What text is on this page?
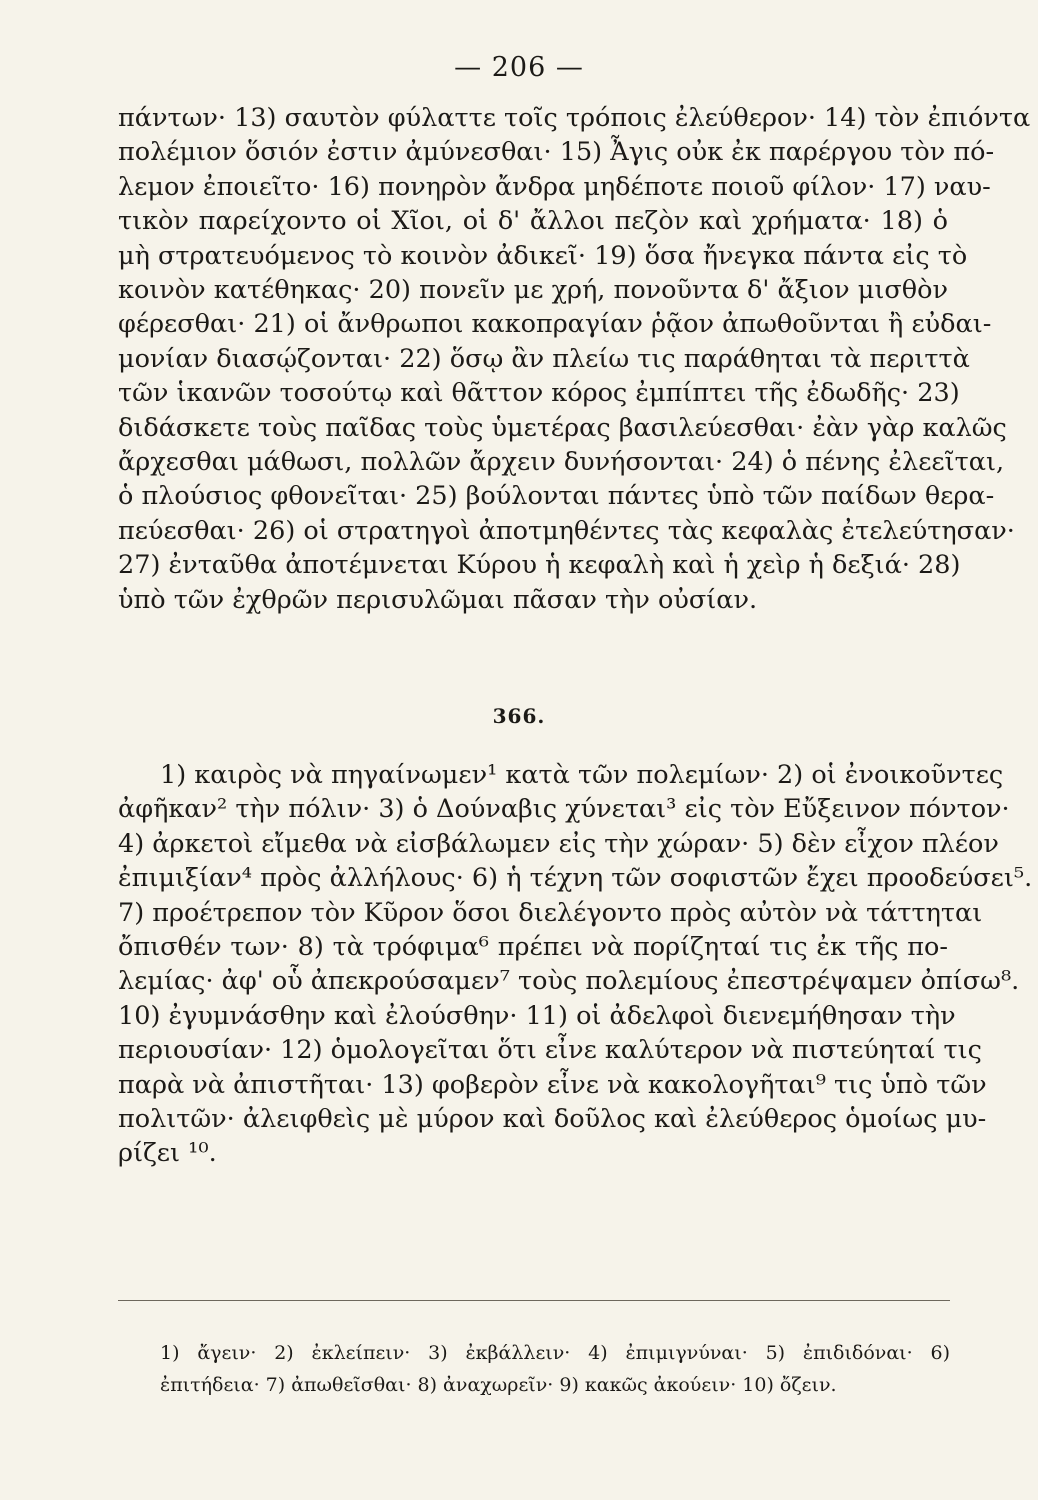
— 206 —
πάντων· 13) σαυτὸν φύλαττε τοῖς τρόποις ἐλεύθερον· 14) τὸν ἐπιόντα
πολέμιον ὅσιόν ἐστιν ἀμύνεσθαι· 15) Ἆγις οὐκ ἐκ παρέργου τὸν πό-
λεμον ἐποιεῖτο· 16) πονηρὸν ἄνδρα μηδέποτε ποιοῦ φίλον· 17) ναυ-
τικὸν παρείχοντο οἱ Χῖοι, οἱ δ' ἄλλοι πεζὸν καὶ χρήματα· 18) ὁ
μὴ στρατευόμενος τὸ κοινὸν ἀδικεῖ· 19) ὅσα ἤνεγκα πάντα εἰς τὸ
κοινὸν κατέθηκας· 20) πονεῖν με χρή, πονοῦντα δ' ἄξιον μισθὸν
φέρεσθαι· 21) οἱ ἄνθρωποι κακοπραγίαν ῥᾷον ἀπωθοῦνται ἢ εὐδαι-
μονίαν διασῴζονται· 22) ὅσῳ ἂν πλείω τις παράθηται τὰ περιττὰ
τῶν ἱκανῶν τοσούτῳ καὶ θᾶττον κόρος ἐμπίπτει τῆς ἐδωδῆς· 23)
διδάσκετε τοὺς παῖδας τοὺς ὑμετέρας βασιλεύεσθαι· ἐὰν γὰρ καλῶς
ἄρχεσθαι μάθωσι, πολλῶν ἄρχειν δυνήσονται· 24) ὁ πένης ἐλεεῖται,
ὁ πλούσιος φθονεῖται· 25) βούλονται πάντες ὑπὸ τῶν παίδων θερα-
πεύεσθαι· 26) οἱ στρατηγοὶ ἀποτμηθέντες τὰς κεφαλὰς ἐτελεύτησαν·
27) ἐνταῦθα ἀποτέμνεται Κύρου ἡ κεφαλὴ καὶ ἡ χεὶρ ἡ δεξιά· 28)
ὑπὸ τῶν ἐχθρῶν περισυλῶμαι πᾶσαν τὴν οὐσίαν.
366.
1) καιρὸς νὰ πηγαίνωμεν¹ κατὰ τῶν πολεμίων· 2) οἱ ἐνοικοῦντες
ἀφῆκαν² τὴν πόλιν· 3) ὁ Δούναβις χύνεται³ εἰς τὸν Εὔξεινον πόντον·
4) ἀρκετοὶ εἴμεθα νὰ εἰσβάλωμεν εἰς τὴν χώραν· 5) δὲν εἶχον πλέον
ἐπιμιξίαν⁴ πρὸς ἀλλήλους· 6) ἡ τέχνη τῶν σοφιστῶν ἔχει προοδεύσει⁵.
7) προέτρεπον τὸν Κῦρον ὅσοι διελέγοντο πρὸς αὐτὸν νὰ τάττηται
ὄπισθέν των· 8) τὰ τρόφιμα⁶ πρέπει νὰ πορίζηταί τις ἐκ τῆς πο-
λεμίας· ἀφ' οὗ ἀπεκρούσαμεν⁷ τοὺς πολεμίους ἐπεστρέψαμεν ὀπίσω⁸.
10) ἐγυμνάσθην καὶ ἐλούσθην· 11) οἱ ἀδελφοὶ διενεμήθησαν τὴν
περιουσίαν· 12) ὁμολογεῖται ὅτι εἶνε καλύτερον νὰ πιστεύηταί τις
παρὰ νὰ ἀπιστῆται· 13) φοβερὸν εἶνε νὰ κακολογῆται⁹ τις ὑπὸ τῶν
πολιτῶν· ἀλειφθεὶς μὲ μύρον καὶ δοῦλος καὶ ἐλεύθερος ὁμοίως μυ-
ρίζει ¹⁰.
1) ἄγειν· 2) ἐκλείπειν· 3) ἐκβάλλειν· 4) ἐπιμιγνύναι· 5) ἐπιδιδόναι· 6)
ἐπιτήδεια· 7) ἀπωθεῖσθαι· 8) ἀναχωρεῖν· 9) κακῶς ἀκούειν· 10) ὄζειν.
